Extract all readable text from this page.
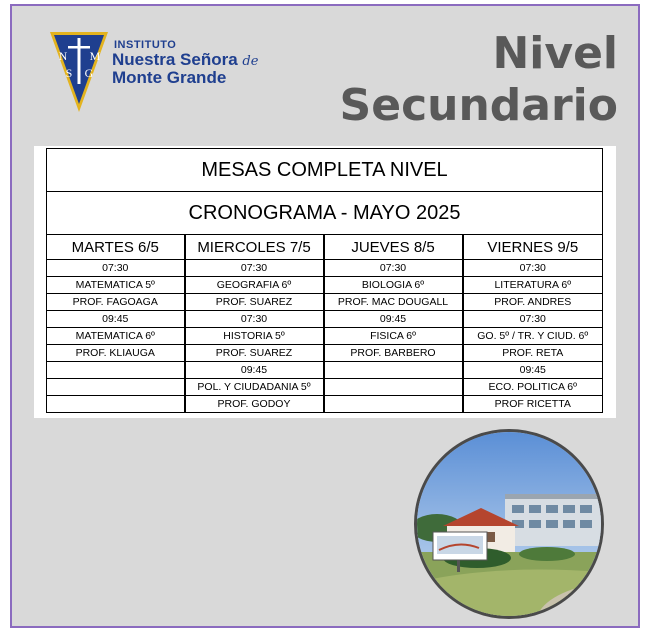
N M
S G
INSTITUTO
Nuestra Señora de
Monte Grande	Nivel
Secundario
MESAS COMPLETA NIVEL			
CRONOGRAMA - MAYO 2025			
MARTES 6/5	MIERCOLES 7/5	JUEVES 8/5	VIERNES 9/5
07:30	07:30	07:30	07:30
MATEMATICA 5º	GEOGRAFIA 6º	BIOLOGIA 6º	LITERATURA 6º
PROF. FAGOAGA	PROF. SUAREZ	PROF. MAC DOUGALL	PROF. ANDRES
09:45	07:30	09:45	07:30
MATEMATICA 6º	HISTORIA 5º	FISICA 6º	GO. 5º / TR. Y CIUD. 6º
PROF. KLIAUGA	PROF. SUAREZ	PROF. BARBERO	PROF. RETA
	09:45		09:45
	POL. Y CIUDADANIA 5º		ECO. POLITICA 6º
	PROF. GODOY		PROF RICETTA
